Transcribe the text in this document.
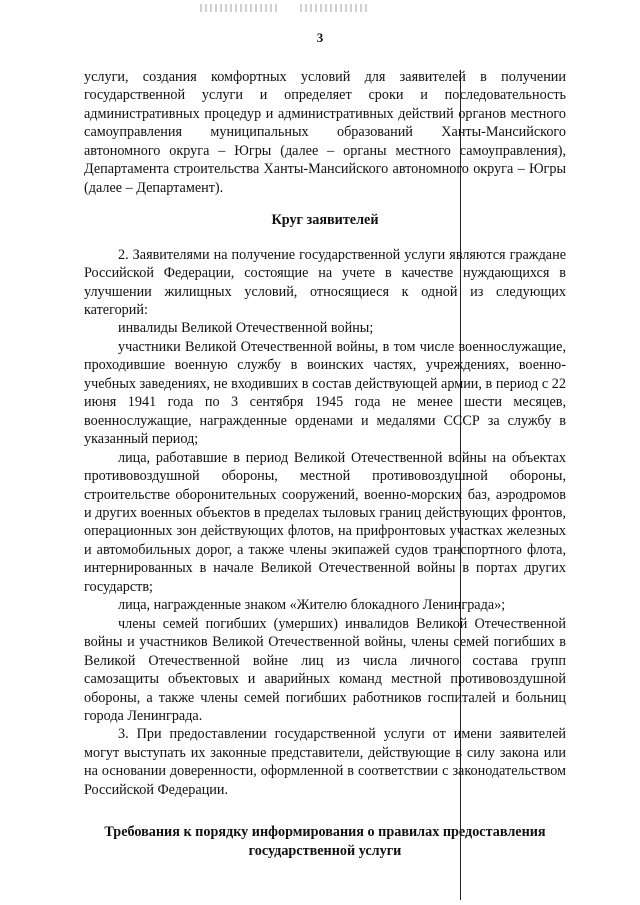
3

услуги, создания комфортных условий для заявителей в получении государственной услуги и определяет сроки и последовательность административных процедур и административных действий органов местного самоуправления муниципальных образований Ханты-Мансийского автономного округа – Югры (далее – органы местного самоуправления), Департамента строительства Ханты-Мансийского автономного округа – Югры (далее – Департамент).

Круг заявителей

2. Заявителями на получение государственной услуги являются граждане Российской Федерации, состоящие на учете в качестве нуждающихся в улучшении жилищных условий, относящиеся к одной из следующих категорий:

инвалиды Великой Отечественной войны;

участники Великой Отечественной войны, в том числе военнослужащие, проходившие военную службу в воинских частях, учреждениях, военно-учебных заведениях, не входивших в состав действующей армии, в период с 22 июня 1941 года по 3 сентября 1945 года не менее шести месяцев, военнослужащие, награжденные орденами и медалями СССР за службу в указанный период;

лица, работавшие в период Великой Отечественной войны на объектах противовоздушной обороны, местной противовоздушной обороны, строительстве оборонительных сооружений, военно-морских баз, аэродромов и других военных объектов в пределах тыловых границ действующих фронтов, операционных зон действующих флотов, на прифронтовых участках железных и автомобильных дорог, а также члены экипажей судов транспортного флота, интернированных в начале Великой Отечественной войны в портах других государств;

лица, награжденные знаком «Жителю блокадного Ленинграда»;

члены семей погибших (умерших) инвалидов Великой Отечественной войны и участников Великой Отечественной войны, члены семей погибших в Великой Отечественной войне лиц из числа личного состава групп самозащиты объектовых и аварийных команд местной противовоздушной обороны, а также члены семей погибших работников госпиталей и больниц города Ленинграда.

3. При предоставлении государственной услуги от имени заявителей могут выступать их законные представители, действующие в силу закона или на основании доверенности, оформленной в соответствии с законодательством Российской Федерации.

Требования к порядку информирования о правилах предоставления государственной услуги
